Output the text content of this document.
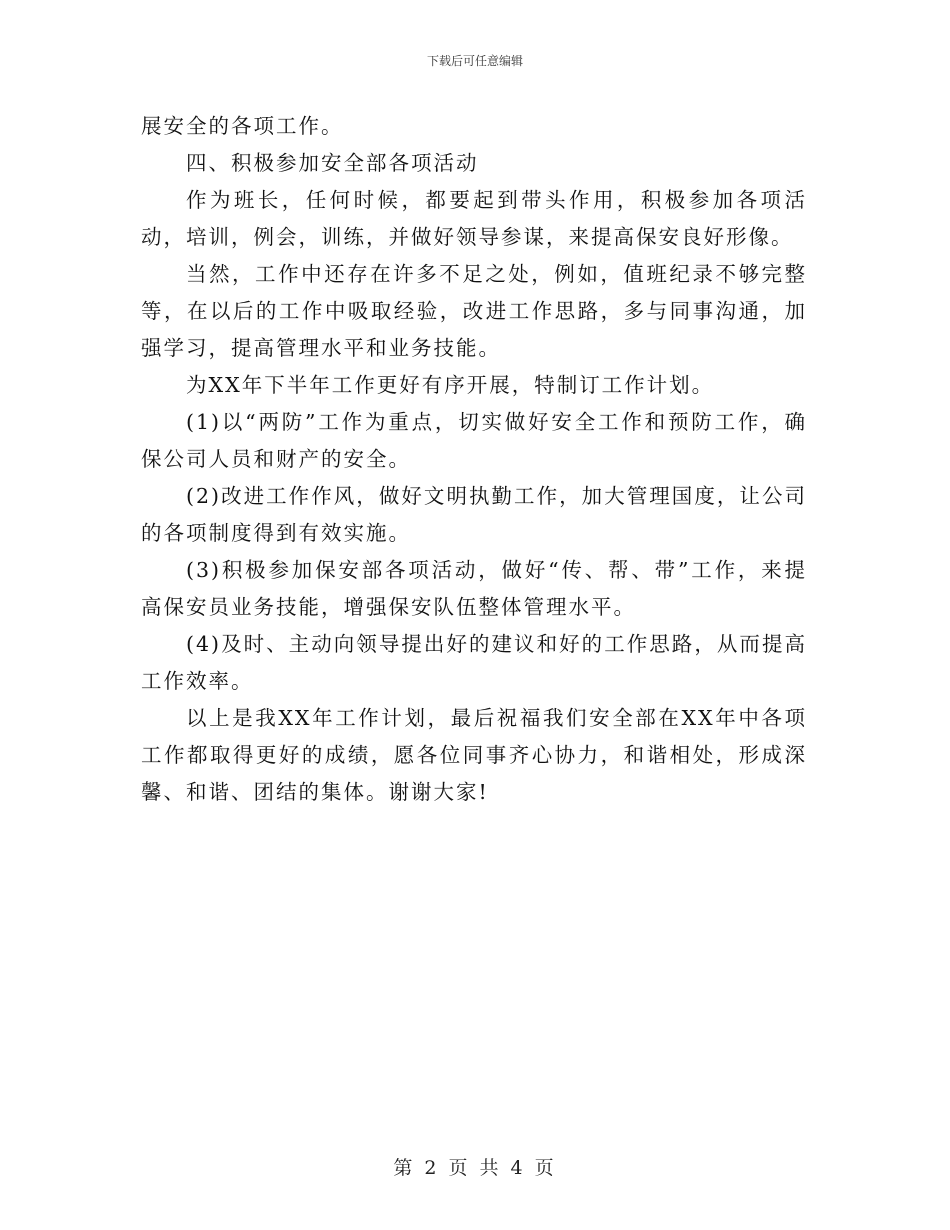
下载后可任意编辑

展安全的各项工作。

四、积极参加安全部各项活动

作为班长，任何时候，都要起到带头作用，积极参加各项活动，培训，例会，训练，并做好领导参谋，来提高保安良好形像。

当然，工作中还存在许多不足之处，例如，值班纪录不够完整等，在以后的工作中吸取经验，改进工作思路，多与同事沟通，加强学习，提高管理水平和业务技能。

为XX年下半年工作更好有序开展，特制订工作计划。

(1)以“两防”工作为重点，切实做好安全工作和预防工作，确保公司人员和财产的安全。

(2)改进工作作风，做好文明执勤工作，加大管理国度，让公司的各项制度得到有效实施。

(3)积极参加保安部各项活动，做好“传、帮、带”工作，来提高保安员业务技能，增强保安队伍整体管理水平。

(4)及时、主动向领导提出好的建议和好的工作思路，从而提高工作效率。

以上是我XX年工作计划，最后祝福我们安全部在XX年中各项工作都取得更好的成绩，愿各位同事齐心协力，和谐相处，形成深馨、和谐、团结的集体。谢谢大家!

第 2 页 共 4 页
